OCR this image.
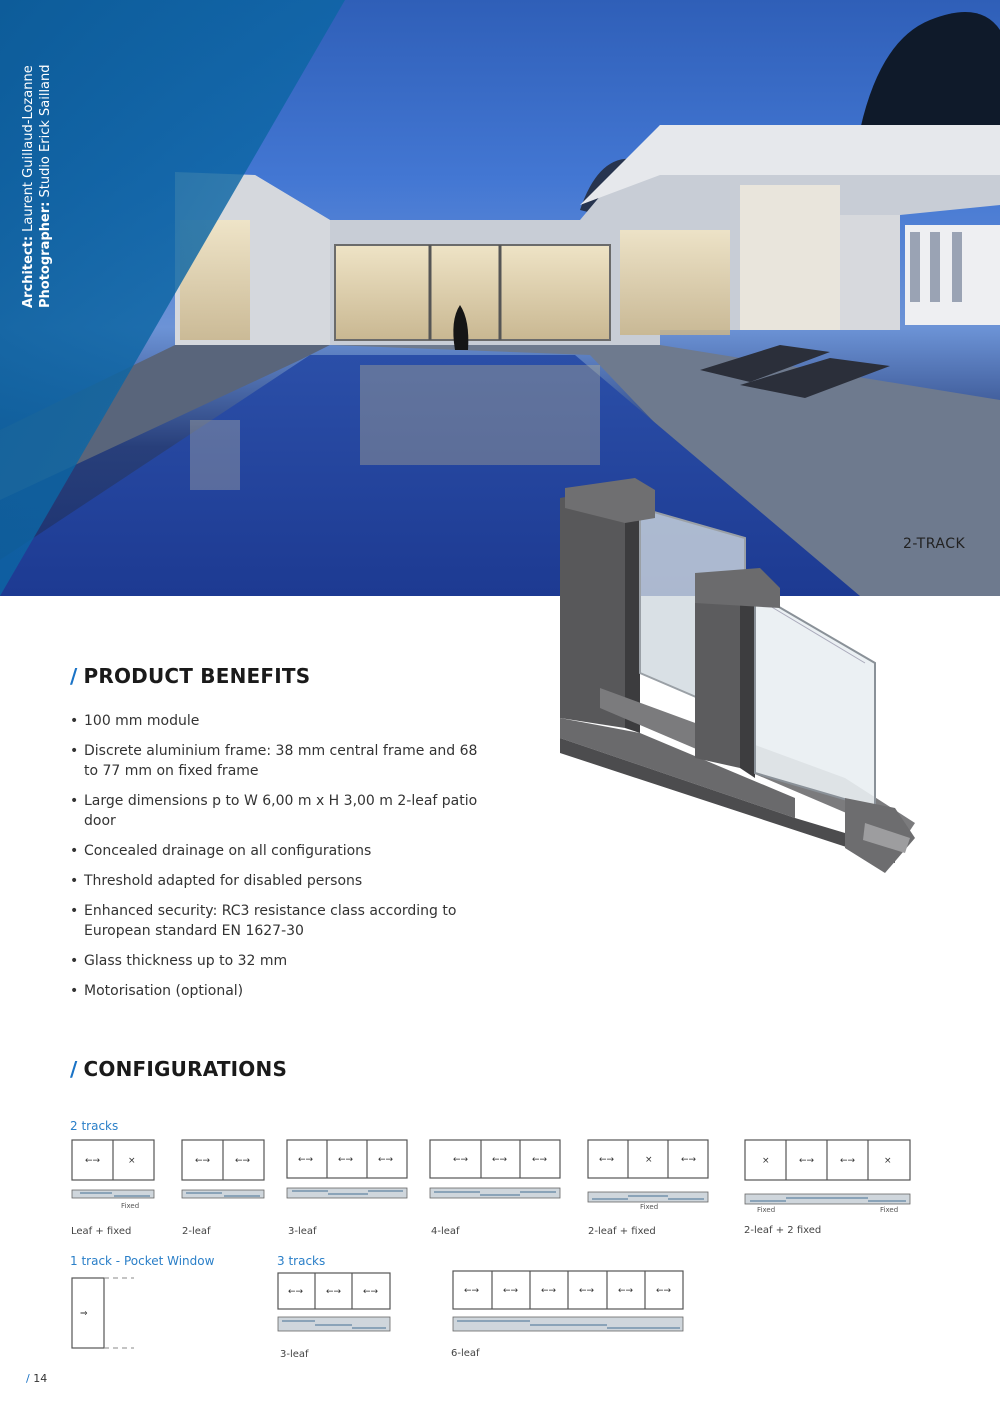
Architect: Laurent Guillaud-Lozanne
Photographer: Studio Erick Sailland
2-TRACK
/ PRODUCT BENEFITS
• 100 mm module
• Discrete aluminium frame: 38 mm central frame and 68 to 77 mm on fixed frame
• Large dimensions p to W 6,00 m x H 3,00 m 2-leaf patio door
• Concealed drainage on all configurations
• Threshold adapted for disabled persons
• Enhanced security: RC3 resistance class according to European standard EN 1627-30
• Glass thickness up to 32 mm
• Motorisation (optional)
/ CONFIGURATIONS
2 tracks
1 track - Pocket Window	3 tracks
←→	×	←→	←→	←→	←→	←→	←→	←→	←→	←→	×	←→	×	←→	←→	×
⇒
←→	←→ ←→	←→	←→	←→	←→	←→	←→
Fixed	Fixed	Fixed	Fixed
Leaf + fixed	2-leaf	3-leaf	4-leaf	2-leaf + fixed	2-leaf + 2 fixed
3-leaf	6-leaf
/ 14
